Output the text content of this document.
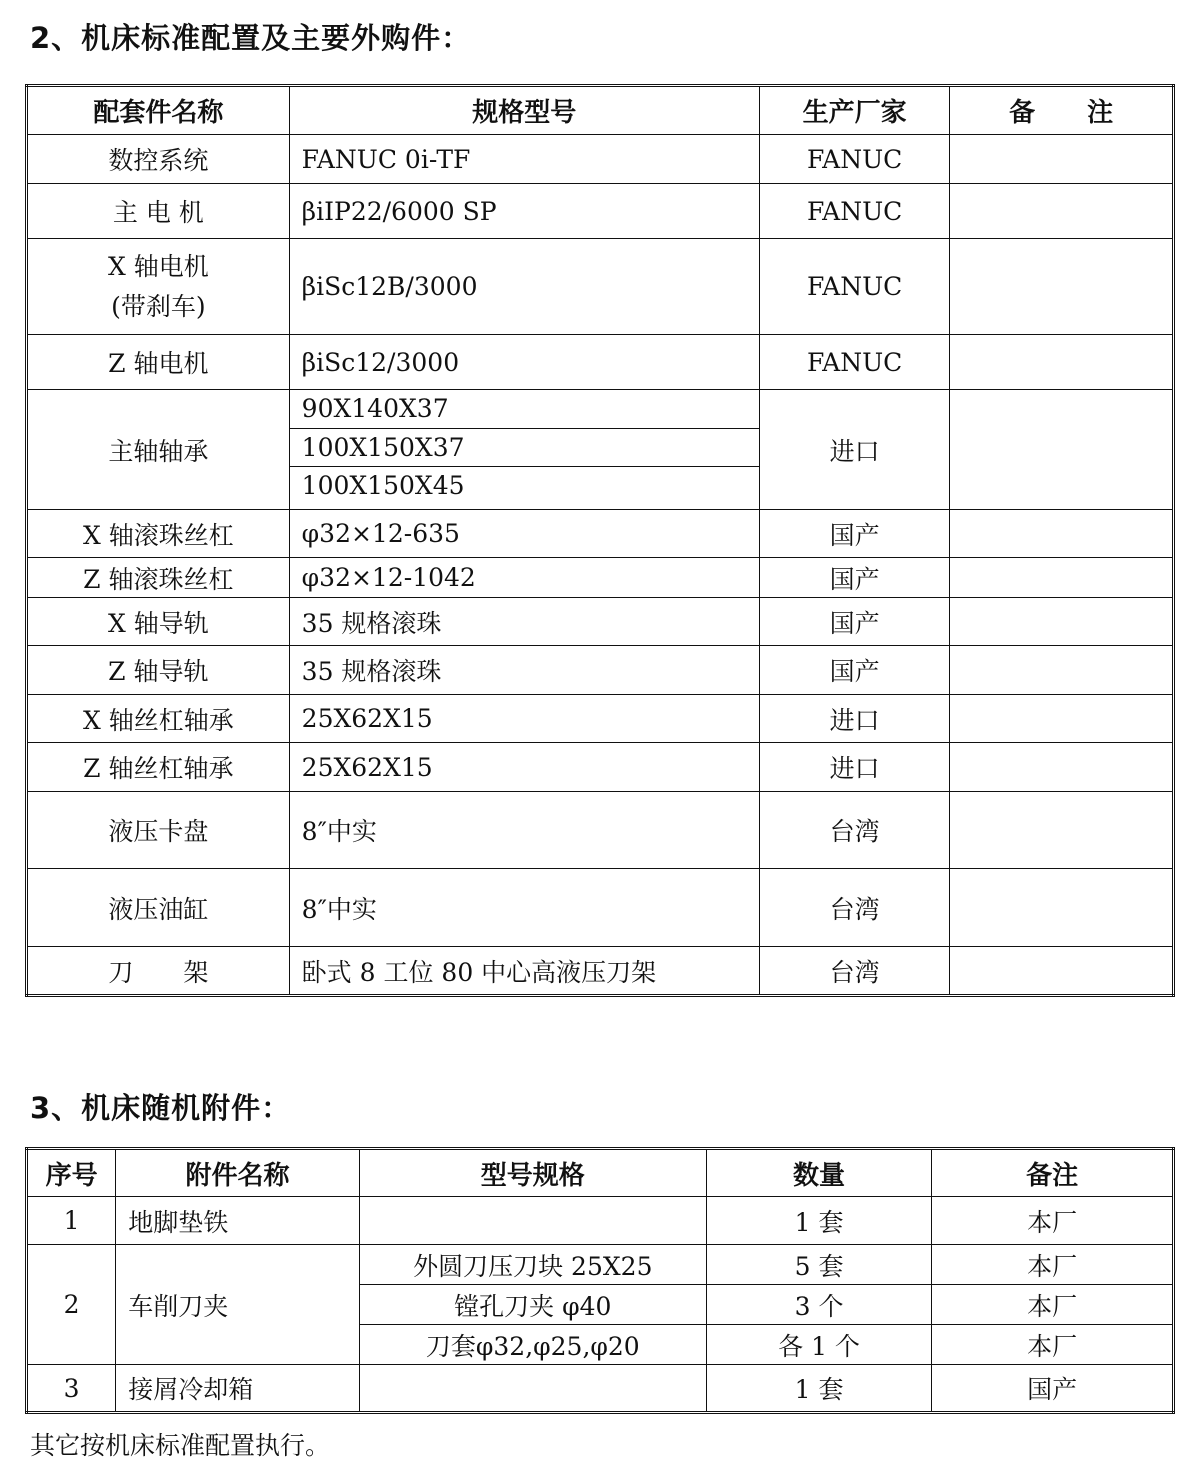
2、机床标准配置及主要外购件：
配套件名称	规格型号	生产厂家	备　　注
数控系统	FANUC 0i-TF	FANUC	
主 电 机	βiIP22/6000 SP	FANUC	
X 轴电机
(带刹车)	βiSc12B/3000	FANUC	
Z 轴电机	βiSc12/3000	FANUC	
主轴轴承	90X140X37
100X150X37
100X150X45	进口	
X 轴滚珠丝杠	φ32×12-635	国产	
Z 轴滚珠丝杠	φ32×12-1042	国产	
X 轴导轨	35 规格滚珠	国产	
Z 轴导轨	35 规格滚珠	国产	
X 轴丝杠轴承	25X62X15	进口	
Z 轴丝杠轴承	25X62X15	进口	
液压卡盘	8″中实	台湾	
液压油缸	8″中实	台湾	
刀　　架	卧式 8 工位 80 中心高液压刀架	台湾	
3、机床随机附件：
序号	附件名称	型号规格	数量	备注
1	地脚垫铁		1 套	本厂
2	车削刀夹	外圆刀压刀块 25X25	5 套	本厂
		镗孔刀夹 φ40	3 个	本厂
		刀套φ32,φ25,φ20	各 1 个	本厂
3	接屑冷却箱		1 套	国产
其它按机床标准配置执行。
